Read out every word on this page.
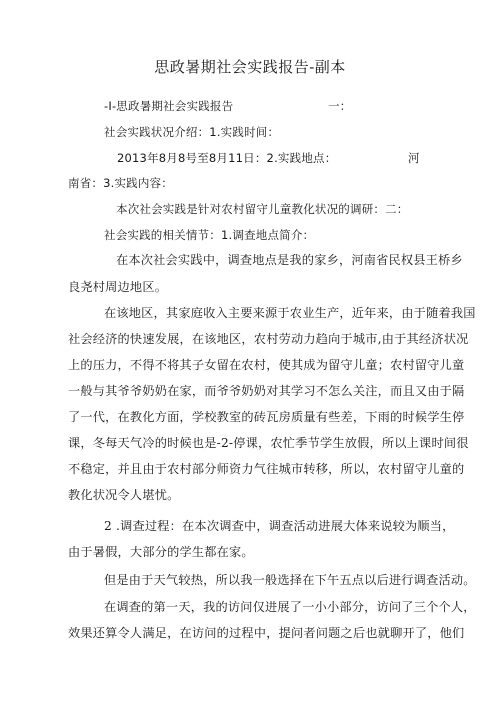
思政暑期社会实践报告-副本
-I-思政暑期社会实践报告	一：
社会实践状况介绍：1.实践时间：
2013年8月8号至8月11日：2.实践地点：	河
南省：3.实践内容：
本次社会实践是针对农村留守儿童教化状况的调研：二：
社会实践的相关情节：1.调查地点简介：
在本次社会实践中，调查地点是我的家乡，河南省民权县王桥乡
良尧村周边地区。
在该地区，其家庭收入主要来源于农业生产，近年来，由于随着我国
社会经济的快速发展，在该地区，农村劳动力趋向于城市,由于其经济状况
上的压力，不得不将其子女留在农村，使其成为留守儿童；农村留守儿童
一般与其爷爷奶奶在家，而爷爷奶奶对其学习不怎么关注，而且又由于隔
了一代，在教化方面，学校教室的砖瓦房质量有些差，下雨的时候学生停
课，冬每天气冷的时候也是-2-停课，农忙季节学生放假，所以上课时间很
不稳定，并且由于农村部分师资力气往城市转移，所以，农村留守儿童的
教化状况令人堪忧。
2 .调查过程：在本次调查中，调查活动进展大体来说较为顺当，
由于暑假，大部分的学生都在家。
但是由于天气较热，所以我一般选择在下午五点以后进行调查活动。
在调查的第一天，我的访问仅进展了一小小部分，访问了三个个人，
效果还算令人满足，在访问的过程中，提问者问题之后也就聊开了，他们
